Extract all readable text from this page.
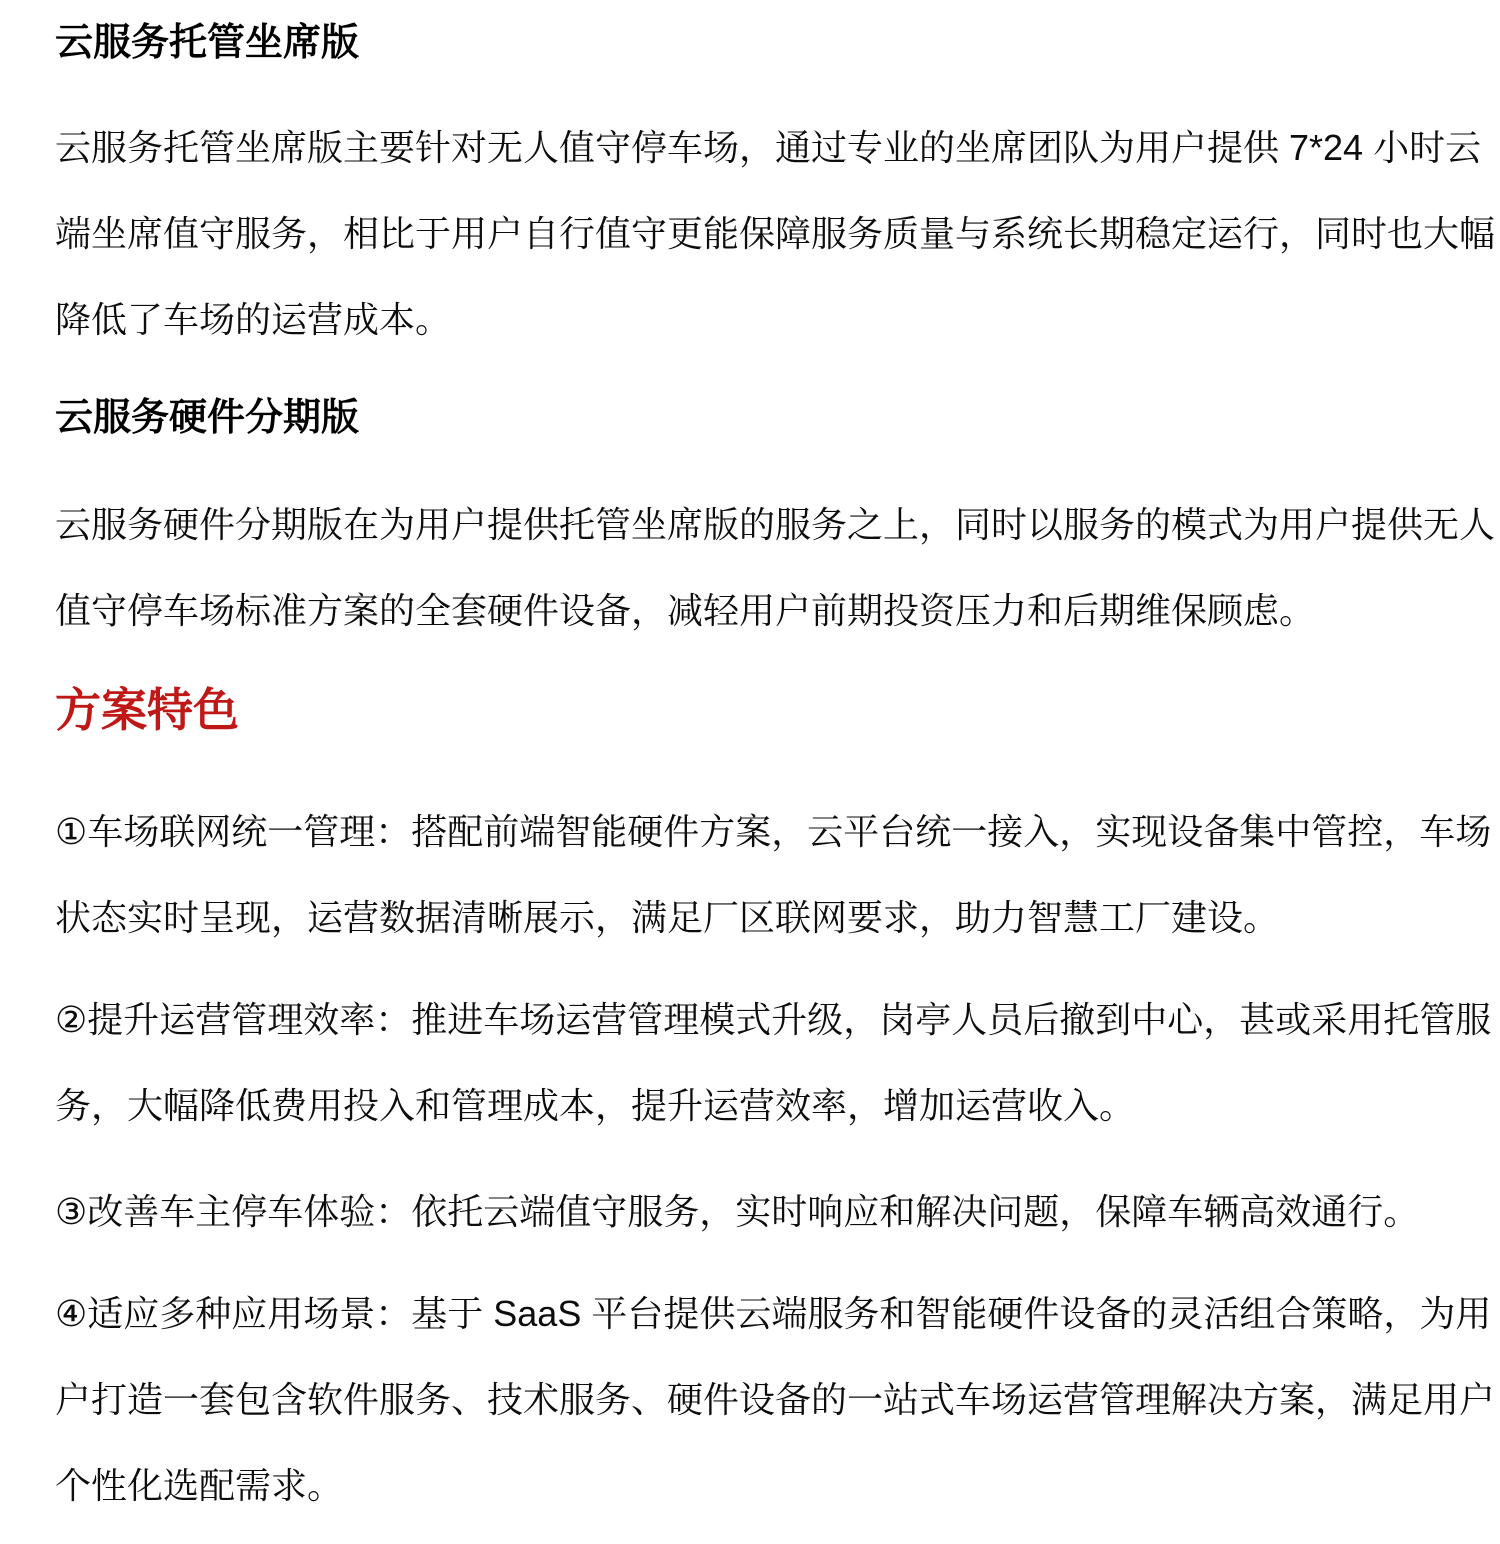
云服务托管坐席版
云服务托管坐席版主要针对无人值守停车场，通过专业的坐席团队为用户提供 7*24 小时云
端坐席值守服务，相比于用户自行值守更能保障服务质量与系统长期稳定运行，同时也大幅
降低了车场的运营成本。
云服务硬件分期版
云服务硬件分期版在为用户提供托管坐席版的服务之上，同时以服务的模式为用户提供无人
值守停车场标准方案的全套硬件设备，减轻用户前期投资压力和后期维保顾虑。
方案特色
①车场联网统一管理：搭配前端智能硬件方案，云平台统一接入，实现设备集中管控，车场
状态实时呈现，运营数据清晰展示，满足厂区联网要求，助力智慧工厂建设。
②提升运营管理效率：推进车场运营管理模式升级，岗亭人员后撤到中心，甚或采用托管服
务，大幅降低费用投入和管理成本，提升运营效率，增加运营收入。
③改善车主停车体验：依托云端值守服务，实时响应和解决问题，保障车辆高效通行。
④适应多种应用场景：基于 SaaS 平台提供云端服务和智能硬件设备的灵活组合策略，为用
户打造一套包含软件服务、技术服务、硬件设备的一站式车场运营管理解决方案，满足用户
个性化选配需求。
